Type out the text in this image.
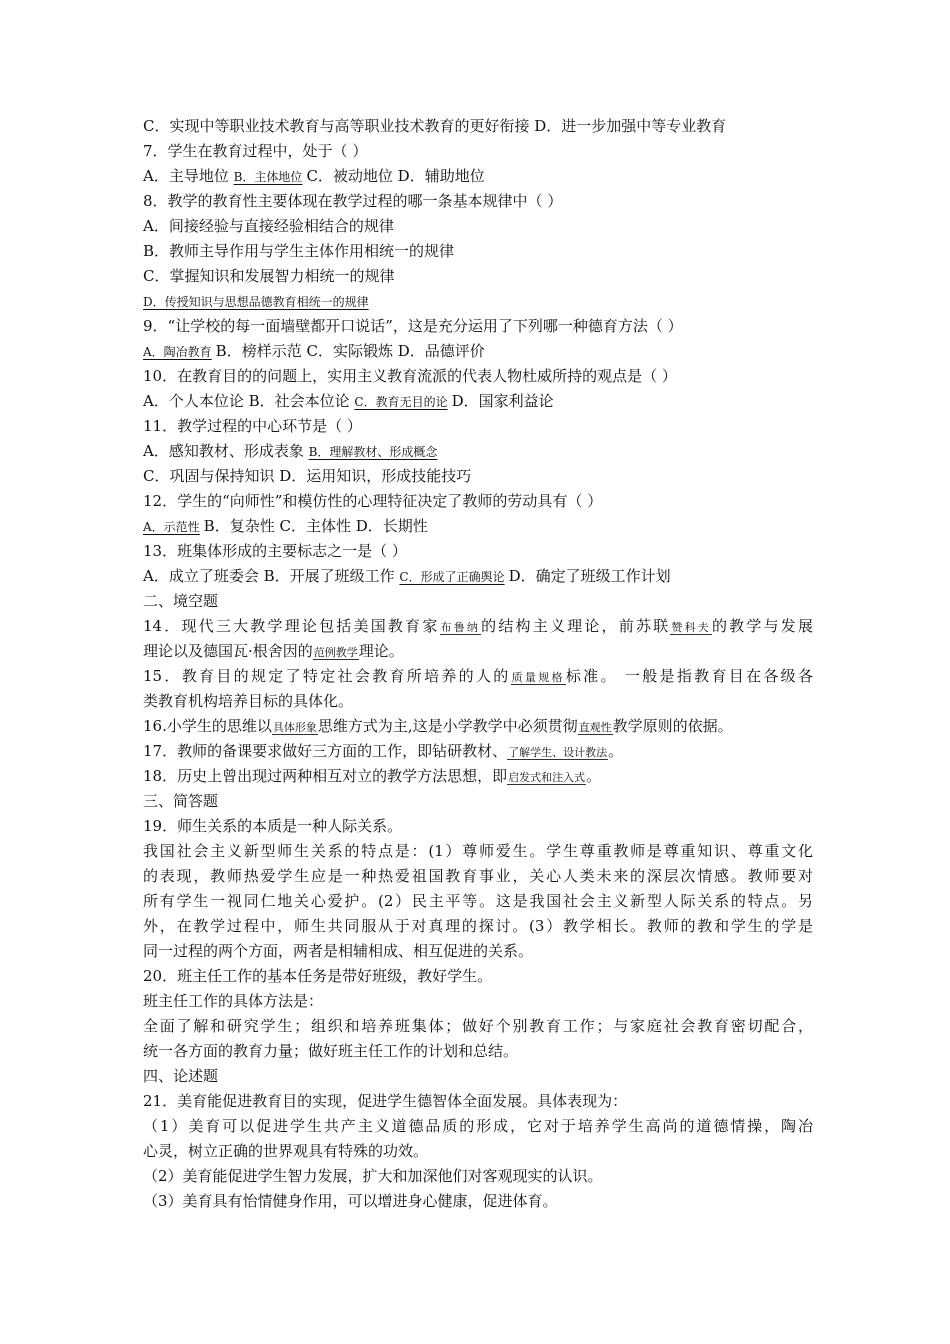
C．实现中等职业技术教育与高等职业技术教育的更好衔接 D．进一步加强中等专业教育
7．学生在教育过程中，处于（ ）
A．主导地位 B．主体地位 C．被动地位 D．辅助地位
8．教学的教育性主要体现在教学过程的哪一条基本规律中（ ）
A．间接经验与直接经验相结合的规律
B．教师主导作用与学生主体作用相统一的规律
C．掌握知识和发展智力相统一的规律
D．传授知识与思想品德教育相统一的规律
9．“让学校的每一面墙壁都开口说话”，这是充分运用了下列哪一种德育方法（ ）
A．陶冶教育 B．榜样示范 C．实际锻炼 D．品德评价
10．在教育目的的问题上，实用主义教育流派的代表人物杜威所持的观点是（ ）
A．个人本位论 B．社会本位论 C．教育无目的论 D．国家利益论
11．教学过程的中心环节是（ ）
A．感知教材、形成表象 B．理解教材、形成概念
C．巩固与保持知识 D．运用知识，形成技能技巧
12．学生的“向师性”和模仿性的心理特征决定了教师的劳动具有（ ）
A．示范性 B．复杂性 C．主体性 D．长期性
13．班集体形成的主要标志之一是（ ）
A．成立了班委会 B．开展了班级工作 C．形成了正确舆论 D．确定了班级工作计划
二、境空题
14．现代三大教学理论包括美国教育家布鲁纳的结构主义理论，前苏联赞科夫的教学与发展
理论以及德国瓦·根舍因的范例教学理论。
15．教育目的规定了特定社会教育所培养的人的质量规格标准。 一般是指教育目在各级各
类教育机构培养目标的具体化。
16.小学生的思维以具体形象思维方式为主,这是小学教学中必须贯彻直观性教学原则的依据。
17．教师的备课要求做好三方面的工作，即钻研教材、了解学生、设计教法。
18．历史上曾出现过两种相互对立的教学方法思想，即启发式和注入式。
三、简答题
19．师生关系的本质是一种人际关系。
我国社会主义新型师生关系的特点是：(1）尊师爱生。学生尊重教师是尊重知识、尊重文化
的表现，教师热爱学生应是一种热爱祖国教育事业，关心人类未来的深层次情感。教师要对
所有学生一视同仁地关心爱护。(2）民主平等。这是我国社会主义新型人际关系的特点。另
外，在教学过程中，师生共同服从于对真理的探讨。(3）教学相长。教师的教和学生的学是
同一过程的两个方面，两者是相辅相成、相互促进的关系。
20．班主任工作的基本任务是带好班级，教好学生。
班主任工作的具体方法是：
全面了解和研究学生；组织和培养班集体；做好个别教育工作；与家庭社会教育密切配合，
统一各方面的教育力量；做好班主任工作的计划和总结。
四、论述题
21．美育能促进教育目的实现，促进学生德智体全面发展。具体表现为：
（1）美育可以促进学生共产主义道德品质的形成，它对于培养学生高尚的道德情操，陶冶
心灵，树立正确的世界观具有特殊的功效。
（2）美育能促进学生智力发展，扩大和加深他们对客观现实的认识。
（3）美育具有怡情健身作用，可以增进身心健康，促进体育。
